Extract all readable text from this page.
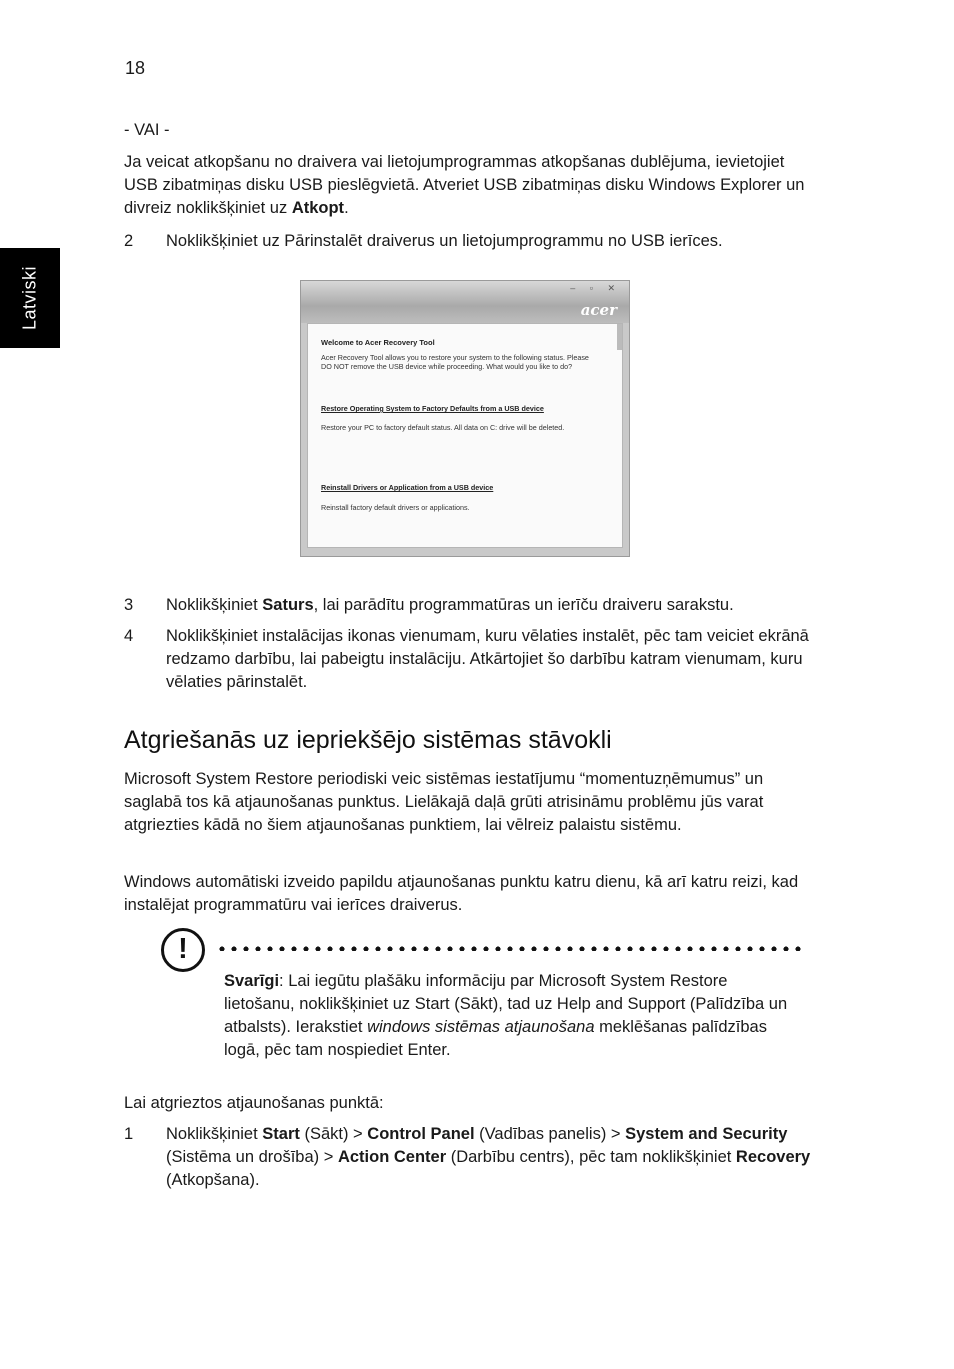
18
Latviski
- VAI -
Ja veicat atkopšanu no draivera vai lietojumprogrammas atkopšanas dublējuma, ievietojiet USB zibatmiņas disku USB pieslēgvietā. Atveriet USB zibatmiņas disku Windows Explorer un divreiz noklikšķiniet uz Atkopt.
2 Noklikšķiniet uz Pārinstalēt draiverus un lietojumprogrammu no USB ierīces.
– ▫ ✕
acer
Welcome to Acer Recovery Tool
Acer Recovery Tool allows you to restore your system to the following status. Please
DO NOT remove the USB device while proceeding. What would you like to do?
Restore Operating System to Factory Defaults from a USB device
Restore your PC to factory default status. All data on C: drive will be deleted.
Reinstall Drivers or Application from a USB device
Reinstall factory default drivers or applications.
3 Noklikšķiniet Saturs, lai parādītu programmatūras un ierīču draiveru sarakstu.
4 Noklikšķiniet instalācijas ikonas vienumam, kuru vēlaties instalēt, pēc tam veiciet ekrānā redzamo darbību, lai pabeigtu instalāciju. Atkārtojiet šo darbību katram vienumam, kuru vēlaties pārinstalēt.
Atgriešanās uz iepriekšējo sistēmas stāvokli
Microsoft System Restore periodiski veic sistēmas iestatījumu “momentuzņēmumus” un saglabā tos kā atjaunošanas punktus. Lielākajā daļā grūti atrisināmu problēmu jūs varat atgriezties kādā no šiem atjaunošanas punktiem, lai vēlreiz palaistu sistēmu.
Windows automātiski izveido papildu atjaunošanas punktu katru dienu, kā arī katru reizi, kad instalējat programmatūru vai ierīces draiverus.
!
Svarīgi: Lai iegūtu plašāku informāciju par Microsoft System Restore lietošanu, noklikšķiniet uz Start (Sākt), tad uz Help and Support (Palīdzība un atbalsts). Ierakstiet windows sistēmas atjaunošana meklēšanas palīdzības logā, pēc tam nospiediet Enter.
Lai atgrieztos atjaunošanas punktā:
1 Noklikšķiniet Start (Sākt) > Control Panel (Vadības panelis) > System and Security (Sistēma un drošība) > Action Center (Darbību centrs), pēc tam noklikšķiniet Recovery (Atkopšana).
